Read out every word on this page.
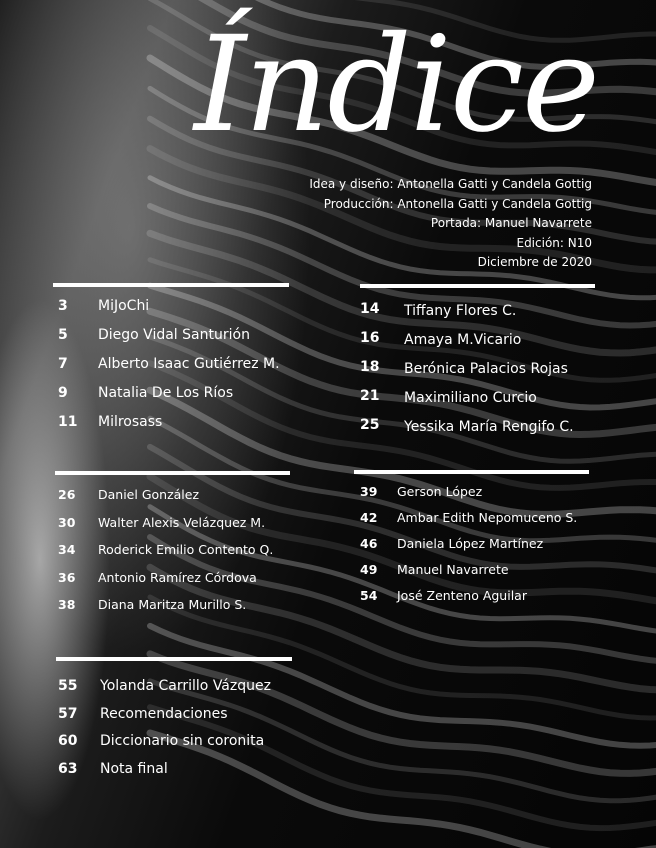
Índice
Idea y diseño: Antonella Gatti y Candela Gottig
Producción: Antonella Gatti y Candela Gottig
Portada: Manuel Navarrete
Edición: N10
Diciembre de 2020
3 MiJoChi
5 Diego Vidal Santurión
7 Alberto Isaac Gutiérrez M.
9 Natalia De Los Ríos
11 Milrosass
14 Tiffany Flores C.
16 Amaya M.Vicario
18 Berónica Palacios Rojas
21 Maximiliano Curcio
25 Yessika María Rengifo C.
26 Daniel González
30 Walter Alexis Velázquez M.
34 Roderick Emilio Contento Q.
36 Antonio Ramírez Córdova
38 Diana Maritza Murillo S.
39 Gerson López
42 Ambar Edith Nepomuceno S.
46 Daniela López Martínez
49 Manuel Navarrete
54 José Zenteno Aguilar
55 Yolanda Carrillo Vázquez
57 Recomendaciones
60 Diccionario sin coronita
63 Nota final
